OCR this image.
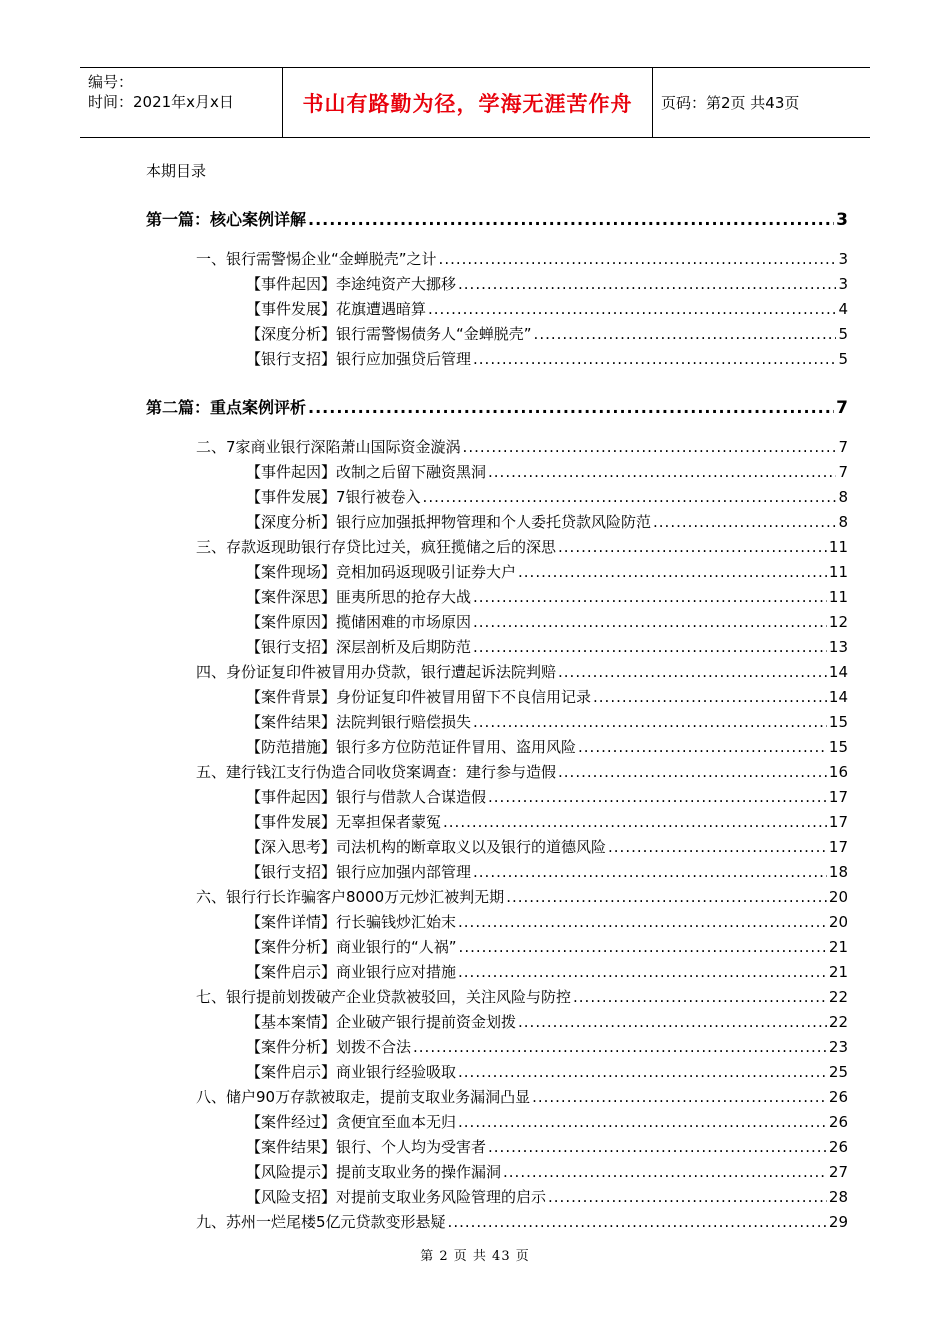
编号：
时间：2021年x月x日	书山有路勤为径，学海无涯苦作舟	页码：第2页 共43页
本期目录
第一篇：核心案例详解 .....	3
一、银行需警惕企业“金蝉脱壳”之计 .....	3
【事件起因】李途纯资产大挪移 .....	3
【事件发展】花旗遭遇暗算 .....	4
【深度分析】银行需警惕债务人“金蝉脱壳” .....	5
【银行支招】银行应加强贷后管理 .....	5
第二篇：重点案例评析 .....	7
二、7家商业银行深陷萧山国际资金漩涡 .....	7
【事件起因】改制之后留下融资黑洞 .....	7
【事件发展】7银行被卷入 .....	8
【深度分析】银行应加强抵押物管理和个人委托贷款风险防范 .....	8
三、存款返现助银行存贷比过关，疯狂揽储之后的深思 .....	11
【案件现场】竞相加码返现吸引证券大户 .....	11
【案件深思】匪夷所思的抢存大战 .....	11
【案件原因】揽储困难的市场原因 .....	12
【银行支招】深层剖析及后期防范 .....	13
四、身份证复印件被冒用办贷款，银行遭起诉法院判赔 .....	14
【案件背景】身份证复印件被冒用留下不良信用记录 .....	14
【案件结果】法院判银行赔偿损失 .....	15
【防范措施】银行多方位防范证件冒用、盗用风险 .....	15
五、建行钱江支行伪造合同收贷案调查：建行参与造假 .....	16
【事件起因】银行与借款人合谋造假 .....	17
【事件发展】无辜担保者蒙冤 .....	17
【深入思考】司法机构的断章取义以及银行的道德风险 .....	17
【银行支招】银行应加强内部管理 .....	18
六、银行行长诈骗客户8000万元炒汇被判无期 .....	20
【案件详情】行长骗钱炒汇始末 .....	20
【案件分析】商业银行的“人祸” .....	21
【案件启示】商业银行应对措施 .....	21
七、银行提前划拨破产企业贷款被驳回，关注风险与防控 .....	22
【基本案情】企业破产银行提前资金划拨 .....	22
【案件分析】划拨不合法 .....	23
【案件启示】商业银行经验吸取 .....	25
八、储户90万存款被取走，提前支取业务漏洞凸显 .....	26
【案件经过】贪便宜至血本无归 .....	26
【案件结果】银行、个人均为受害者 .....	26
【风险提示】提前支取业务的操作漏洞 .....	27
【风险支招】对提前支取业务风险管理的启示 .....	28
九、苏州一烂尾楼5亿元贷款变形悬疑 .....	29
第 2 页 共 43 页
